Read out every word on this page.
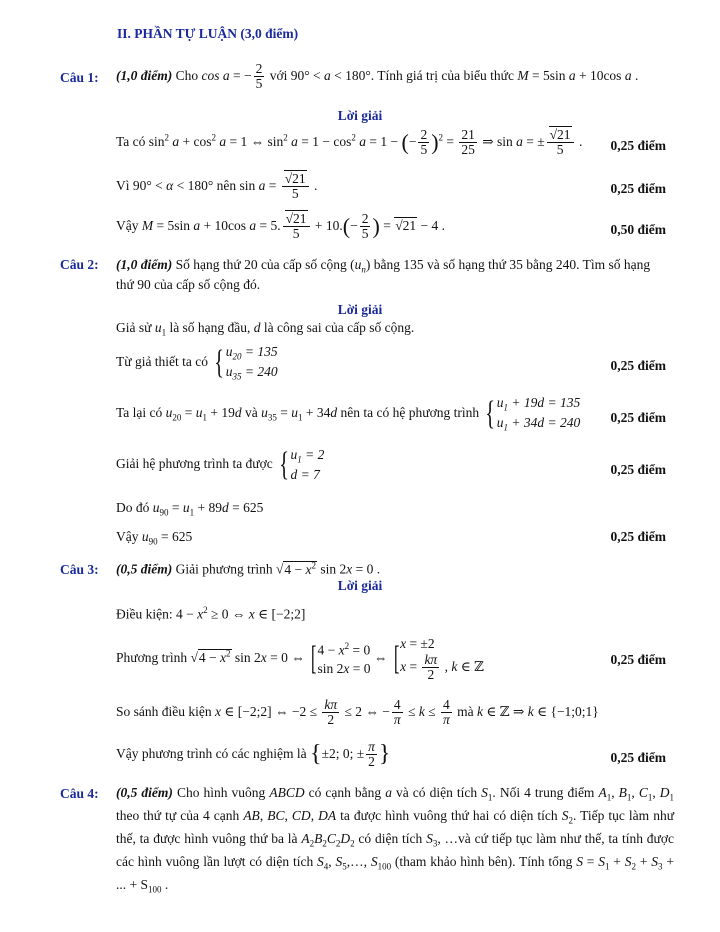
II. PHẦN TỰ LUẬN (3,0 điểm)
Câu 1: (1,0 điểm) Cho cos a = − $\frac{2}{5}$ với 90° < a < 180°. Tính giá trị của biểu thức M = 5sin a + 10cos a .
Lời giải
Ta có $\sin^2 a + \cos^2 a = 1$ ⇔ $\sin^2 a = 1 - \cos^2 a = 1$ − (− $\frac{2}{5} )^2 = \frac{21}{25}$ ⇒ sin a = ± $\frac{√21}{5}$ . 0,25 điểm
Vì 90° < α < 180° nên $\sin a = \frac{√21}{5}$ .	0,25 điểm
Vậy M = 5sin a + 10cos a = 5. $\frac{√21}{5} + 10.(- \frac{2}{5}$ ) = √21 − 4 .	0,50 điểm
Câu 2: (1,0 điểm) Số hạng thứ 20 của cấp số cộng $(u_n)$ bằng 135 và số hạng thứ 35 bằng 240. Tìm số hạng
thứ 90 của cấp số cộng đó.
Lời giải
Giả sử $u_1$ là số hạng đầu, d là công sai của cấp số cộng.
Từ giả thiết ta có {$u_{20} = 135$
$u_{35} = 240$	0,25 điểm
Ta lại có $u_{20} = u_1 + 19d$ và $u_{35} = u_1 + 34d$ nên ta có hệ phương trình {$u_1 + 19d = 135$
$u_1 + 34d = 240$ 0,25 điểm
Giải hệ phương trình ta được {$u_1 = 2$
d = 7	0,25 điểm
Do đó $u_{90} = u_1 + 89d = 625$
Vậy $u_{90} = 625$	0,25 điểm
Câu 3: (0,5 điểm) Giải phương trình $√4 - x^2$ sin 2x = 0 .
Lời giải
Điều kiện: $4 - x^2 \ge 0$ ⇔ x ∈ [−2;2]
Phương trình $√4 - x^2$ sin 2x = 0 ⇔ [$4 - x^2 = 0$
sin 2x = 0 ⇔ [x = ±2
$x = \frac{k\pi}{2}$ , k ∈ ℤ	0,25 điểm
So sánh điều kiện x ∈ [−2;2] ⇔ $-2 \le \frac{k\pi}{2} \le 2$ ⇔ − $\frac{4}{\pi} \le k \le \frac{4}{\pi}$ mà k ∈ ℤ ⇒ k ∈ {−1;0;1}
Vậy phương trình có các nghiệm là {±2; 0; ± $\frac{\pi}{2}$ }	0,25 điểm
Câu 4: (0,5 điểm) Cho hình vuông ABCD có cạnh bằng a và có diện tích $S_1$. Nối 4 trung điểm $A_1$, $B_1$, $C_1$, $D_1$ theo thứ tự của 4 cạnh AB, BC, CD, DA ta được hình vuông thứ hai có diện tích $S_2$. Tiếp tục làm như thế, ta được hình vuông thứ ba là $A_2B_2C_2D_2$ có diện tích $S_3$, …và cứ tiếp tục làm như thế, ta tính được các hình vuông lần lượt có diện tích $S_4$, $S_5,\dots$, $S_{100}$ (tham khảo hình bên). Tính tổng $S = S_1 + S_2 + S_3$ + ... + $S_{100}$ .
